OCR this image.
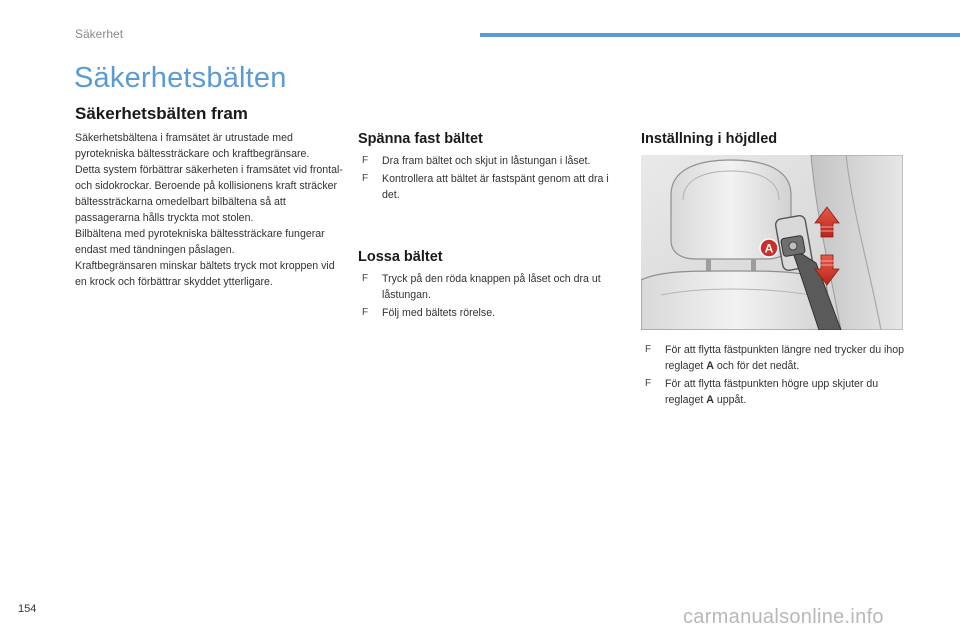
Säkerhet
Säkerhetsbälten
Säkerhetsbälten fram

Säkerhetsbältena i framsätet är utrustade med pyrotekniska bältessträckare och kraftbegränsare.

Detta system förbättrar säkerheten i framsätet vid frontal- och sidokrockar. Beroende på kollisionens kraft sträcker bältessträckarna omedelbart bilbältena så att passagerarna hålls tryckta mot stolen.

Bilbältena med pyrotekniska bältessträckare fungerar endast med tändningen påslagen.

Kraftbegränsaren minskar bältets tryck mot kroppen vid en krock och förbättrar skyddet ytterligare.

Spänna fast bältet
F Dra fram bältet och skjut in låstungan i låset.
F Kontrollera att bältet är fastspänt genom att dra i det.
Lossa bältet
F Tryck på den röda knappen på låset och dra ut låstungan.
F Följ med bältets rörelse.
Inställning i höjdled
A
F För att flytta fästpunkten längre ned trycker du ihop reglaget A och för det nedåt.
F För att flytta fästpunkten högre upp skjuter du reglaget A uppåt.
154	carmanualsonline.info
